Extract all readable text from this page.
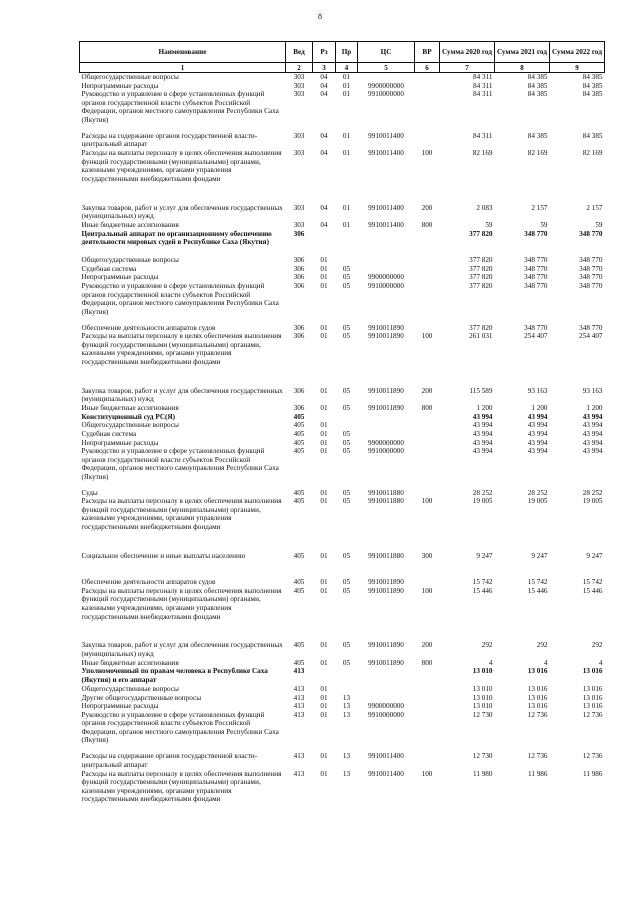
8
Наименование	Вед	Рз	Пр	ЦС	ВР	Сумма 2020 год	Сумма 2021 год	Сумма 2022 год
1	2	3	4	5	6	7	8	9
Общегосударственные вопросы	303	04	01			84 311	84 385	84 385
Непрограммные расходы	303	04	01	9900000000		84 311	84 385	84 385
Руководство и управление в сфере установленных функций органов государственной власти субъектов Российской Федерации, органов местного самоуправления Республики Саха (Якутия)	303	04	01	9910000000		84 311	84 385	84 385
Расходы на содержание органов государственной власти-центральный аппарат	303	04	01	9910011400		84 311	84 385	84 385
Расходы на выплаты персоналу в целях обеспечения выполнения функций государственными (муниципальными) органами, казенными учреждениями, органами управления государственными внебюджетными фондами	303	04	01	9910011400	100	82 169	82 169	82 169
Закупка товаров, работ и услуг для обеспечения государственных (муниципальных) нужд	303	04	01	9910011400	200	2 083	2 157	2 157
Иные бюджетные ассигнования	303	04	01	9910011400	800	59	59	59
Центральный аппарат по организационному обеспечению деятельности мировых судей в Республике Саха (Якутия)	306					377 820	348 770	348 770
Общегосударственные вопросы	306	01				377 820	348 770	348 770
Судебная система	306	01	05			377 820	348 770	348 770
Непрограммные расходы	306	01	05	9900000000		377 820	348 770	348 770
Руководство и управление в сфере установленных функций органов государственной власти субъектов Российской Федерации, органов местного самоуправления Республики Саха (Якутия)	306	01	05	9910000000		377 820	348 770	348 770
Обеспечение деятельности аппаратов судов	306	01	05	9910011890		377 820	348 770	348 770
Расходы на выплаты персоналу в целях обеспечения выполнения функций государственными (муниципальными) органами, казенными учреждениями, органами управления государственными внебюджетными фондами	306	01	05	9910011890	100	261 031	254 407	254 407
Закупка товаров, работ и услуг для обеспечения государственных (муниципальных) нужд	306	01	05	9910011890	200	115 589	93 163	93 163
Иные бюджетные ассигнования	306	01	05	9910011890	800	1 200	1 200	1 200
Конституционный суд РС(Я)	405					43 994	43 994	43 994
Общегосударственные вопросы	405	01				43 994	43 994	43 994
Судебная система	405	01	05			43 994	43 994	43 994
Непрограммные расходы	405	01	05	9900000000		43 994	43 994	43 994
Руководство и управление в сфере установленных функций органов государственной власти субъектов Российской Федерации, органов местного самоуправления Республики Саха (Якутия)	405	01	05	9910000000		43 994	43 994	43 994
Суды	405	01	05	9910011880		28 252	28 252	28 252
Расходы на выплаты персоналу в целях обеспечения выполнения функций государственными (муниципальными) органами, казенными учреждениями, органами управления государственными внебюджетными фондами	405	01	05	9910011880	100	19 005	19 005	19 005
Социальное обеспечение и иные выплаты населению	405	01	05	9910011880	300	9 247	9 247	9 247
Обеспечение деятельности аппаратов судов	405	01	05	9910011890		15 742	15 742	15 742
Расходы на выплаты персоналу в целях обеспечения выполнения функций государственными (муниципальными) органами, казенными учреждениями, органами управления государственными внебюджетными фондами	405	01	05	9910011890	100	15 446	15 446	15 446
Закупка товаров, работ и услуг для обеспечения государственных (муниципальных) нужд	405	01	05	9910011890	200	292	292	292
Иные бюджетные ассигнования	405	01	05	9910011890	800	4	4	4
Уполномоченный по правам человека в Республике Саха (Якутия) и его аппарат	413					13 010	13 016	13 016
Общегосударственные вопросы	413	01				13 010	13 016	13 016
Другие общегосударственные вопросы	413	01	13			13 010	13 016	13 016
Непрограммные расходы	413	01	13	9900000000		13 010	13 016	13 016
Руководство и управление в сфере установленных функций органов государственной власти субъектов Российской Федерации, органов местного самоуправления Республики Саха (Якутия)	413	01	13	9910000000		12 730	12 736	12 736
Расходы на содержание органов государственной власти-центральный аппарат	413	01	13	9910011400		12 730	12 736	12 736
Расходы на выплаты персоналу в целях обеспечения выполнения функций государственными (муниципальными) органами, казенными учреждениями, органами управления государственными внебюджетными фондами	413	01	13	9910011400	100	11 980	11 986	11 986
